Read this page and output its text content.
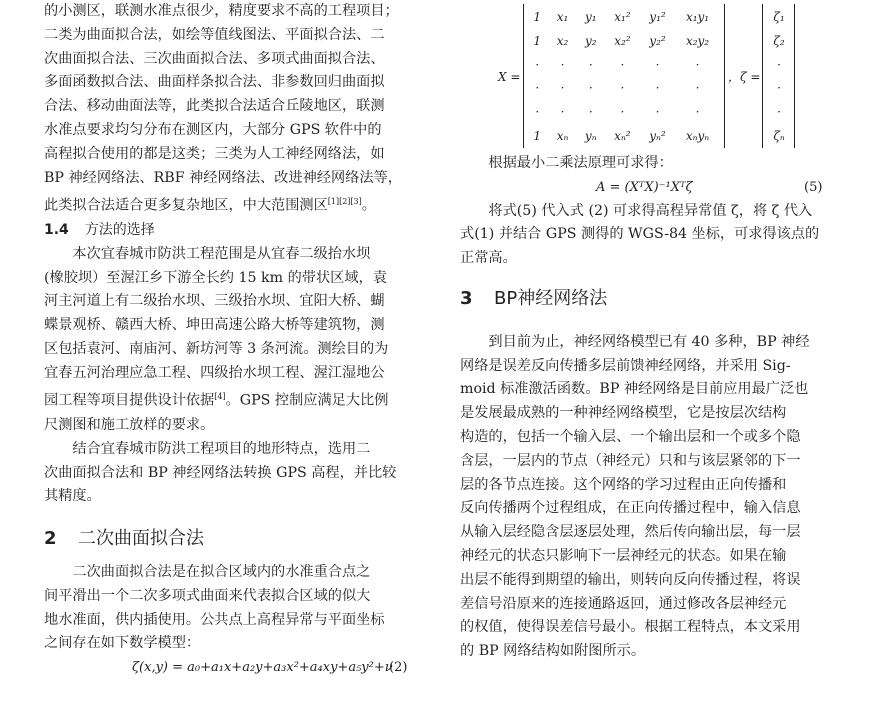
的小测区，联测水准点很少，精度要求不高的工程项目；
二类为曲面拟合法，如绘等值线图法、平面拟合法、二
次曲面拟合法、三次曲面拟合法、多项式曲面拟合法、
多面函数拟合法、曲面样条拟合法、非参数回归曲面拟
合法、移动曲面法等，此类拟合法适合丘陵地区，联测
水准点要求均匀分布在测区内，大部分 GPS 软件中的
高程拟合使用的都是这类；三类为人工神经网络法，如
BP 神经网络法、RBF 神经网络法、改进神经网络法等，
此类拟合法适合更多复杂地区，中大范围测区[1][2][3]。

1.4 方法的选择

本次宜春城市防洪工程范围是从宜春二级抬水坝

(橡胶坝）至渥江乡下游全长约 15 km 的带状区域，袁
河主河道上有二级抬水坝、三级抬水坝、宜阳大桥、蝴
蝶景观桥、赣西大桥、坤田高速公路大桥等建筑物，测
区包括袁河、南庙河、新坊河等 3 条河流。测绘目的为
宜春五河治理应急工程、四级抬水坝工程、渥江湿地公
园工程等项目提供设计依据[4]。GPS 控制应满足大比例
尺测图和施工放样的要求。

结合宜春城市防洪工程项目的地形特点，选用二

次曲面拟合法和 BP 神经网络法转换 GPS 高程，并比较
其精度。

2 二次曲面拟合法

二次曲面拟合法是在拟合区域内的水准重合点之

间平滑出一个二次多项式曲面来代表拟合区域的似大
地水准面，供内插使用。公共点上高程异常与平面坐标
之间存在如下数学模型：

ζ(x,y) = a₀+a₁x+a₂y+a₃x²+a₄xy+a₅y²+ν
(2)
X =
1	x₁	y₁	x₁²	y₁²	x₁y₁
1	x₂	y₂	x₂²	y₂²	x₂y₂
·	·	·	·	·	·
·	·	·	·	·	·
·	·	·	·	·	·
1	xₙ	yₙ	xₙ²	yₙ²	xₙyₙ
，ζ =
ζ₁
ζ₂
·
·
·
ζₙ

根据最小二乘法原理可求得：

A = (XᵀX)⁻¹Xᵀζ	(5)

将式(5) 代入式 (2) 可求得高程异常值 ζ，将 ζ 代入

式(1) 并结合 GPS 测得的 WGS-84 坐标，可求得该点的
正常高。

3 BP神经网络法

到目前为止，神经网络模型已有 40 多种，BP 神经

网络是误差反向传播多层前馈神经网络，并采用 Sig-
moid 标准激活函数。BP 神经网络是目前应用最广泛也
是发展最成熟的一种神经网络模型，它是按层次结构
构造的，包括一个输入层、一个输出层和一个或多个隐
含层，一层内的节点（神经元）只和与该层紧邻的下一
层的各节点连接。这个网络的学习过程由正向传播和
反向传播两个过程组成，在正向传播过程中，输入信息
从输入层经隐含层逐层处理，然后传向输出层，每一层
神经元的状态只影响下一层神经元的状态。如果在输
出层不能得到期望的输出，则转向反向传播过程，将误
差信号沿原来的连接通路返回，通过修改各层神经元
的权值，使得误差信号最小。根据工程特点，本文采用
的 BP 网络结构如附图所示。
